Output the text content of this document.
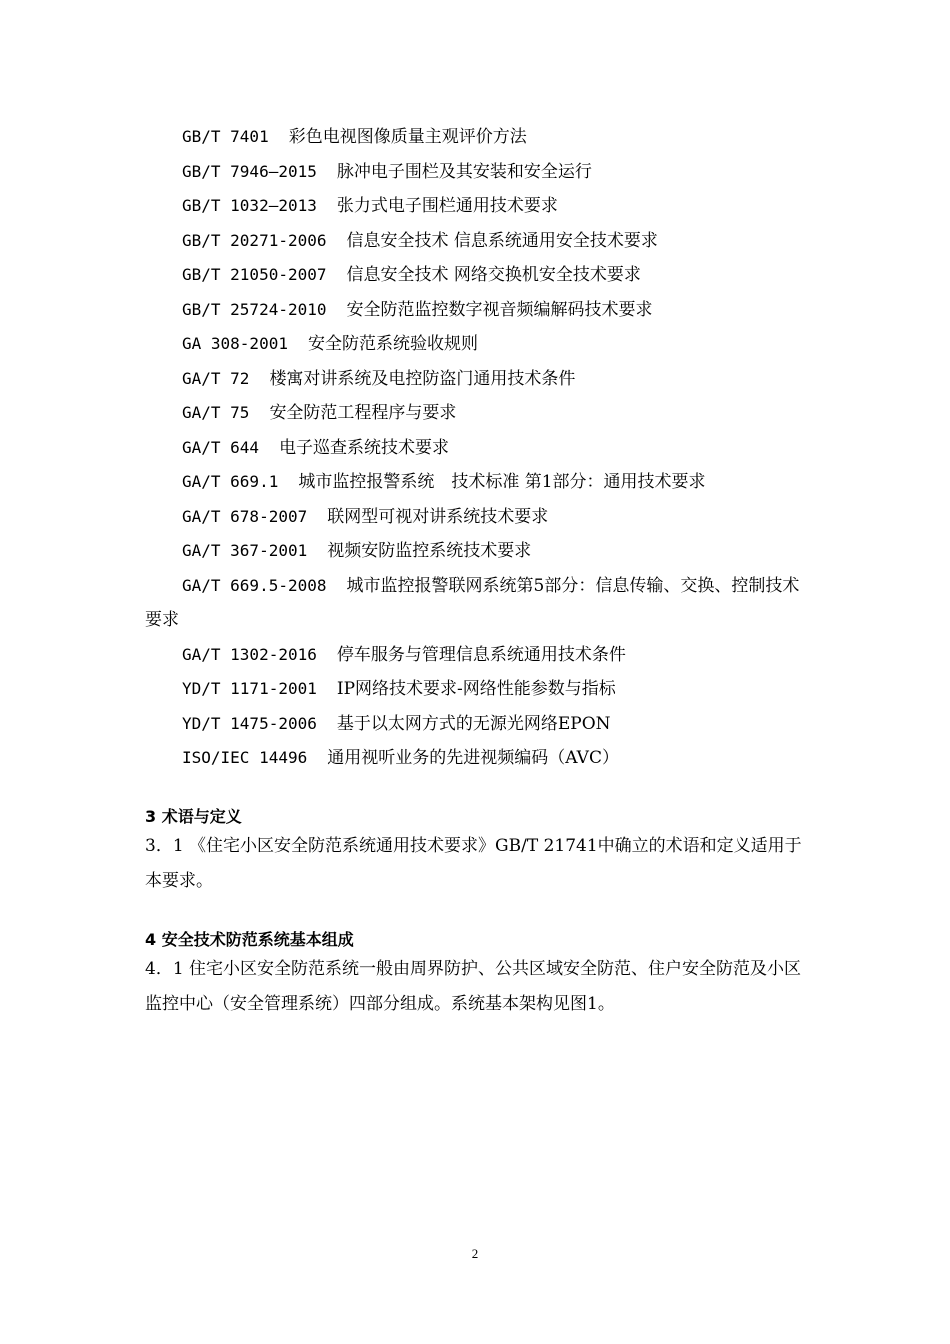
GB/T 7401 彩色电视图像质量主观评价方法
GB/T 7946—2015 脉冲电子围栏及其安装和安全运行
GB/T 1032—2013 张力式电子围栏通用技术要求
GB/T 20271-2006 信息安全技术 信息系统通用安全技术要求
GB/T 21050-2007 信息安全技术 网络交换机安全技术要求
GB/T 25724-2010 安全防范监控数字视音频编解码技术要求
GA 308-2001 安全防范系统验收规则
GA/T 72 楼寓对讲系统及电控防盗门通用技术条件
GA/T 75 安全防范工程程序与要求
GA/T 644 电子巡查系统技术要求
GA/T 669.1 城市监控报警系统　技术标准 第1部分：通用技术要求
GA/T 678-2007 联网型可视对讲系统技术要求
GA/T 367-2001 视频安防监控系统技术要求
GA/T 669.5-2008 城市监控报警联网系统第5部分：信息传输、交换、控制技术要求
GA/T 1302-2016 停车服务与管理信息系统通用技术条件
YD/T 1171-2001 IP网络技术要求-网络性能参数与指标
YD/T 1475-2006 基于以太网方式的无源光网络EPON
ISO/IEC 14496 通用视听业务的先进视频编码（AVC）
3 术语与定义

3．1 《住宅小区安全防范系统通用技术要求》GB/T 21741中确立的术语和定义适用于本要求。

4 安全技术防范系统基本组成

4．1 住宅小区安全防范系统一般由周界防护、公共区域安全防范、住户安全防范及小区监控中心（安全管理系统）四部分组成。系统基本架构见图1。

2
